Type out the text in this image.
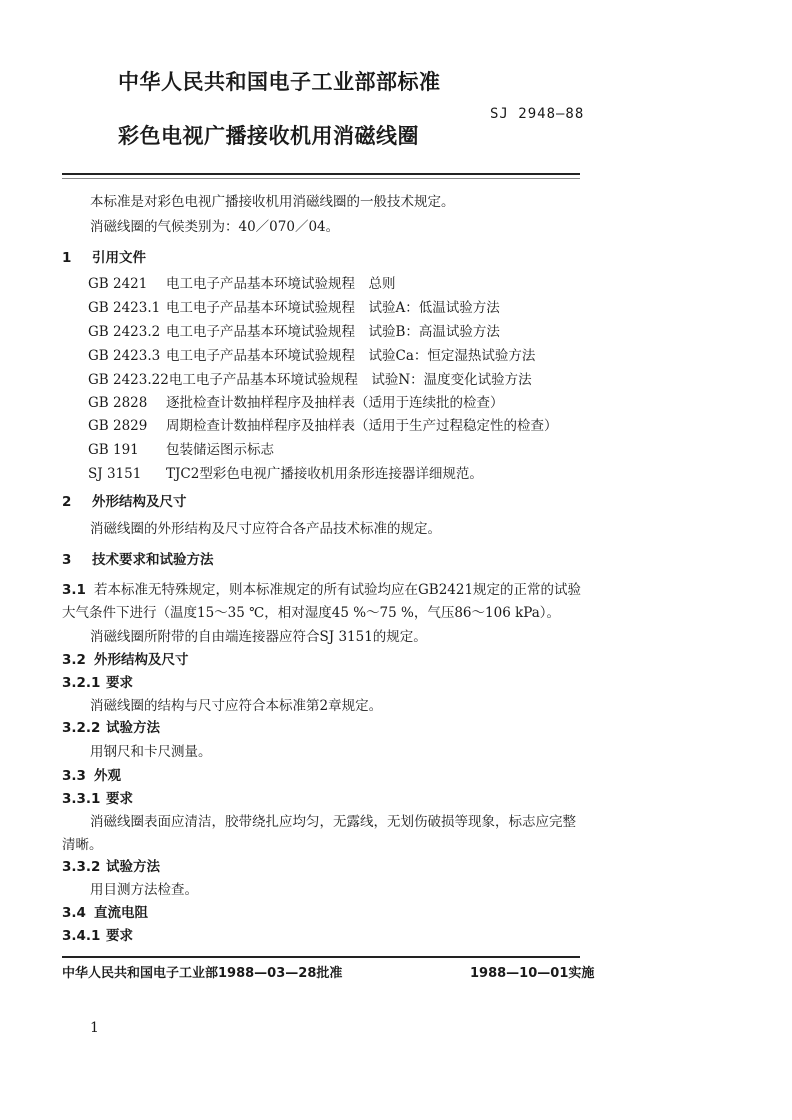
中华人民共和国电子工业部部标准
SJ 2948—88
彩色电视广播接收机用消磁线圈
本标准是对彩色电视广播接收机用消磁线圈的一般技术规定。
消磁线圈的气候类别为：40／070／04。
1 引用文件
GB 2421 电工电子产品基本环境试验规程　总则
GB 2423.1 电工电子产品基本环境试验规程　试验A：低温试验方法
GB 2423.2 电工电子产品基本环境试验规程　试验B：高温试验方法
GB 2423.3 电工电子产品基本环境试验规程　试验Ca：恒定湿热试验方法
GB 2423.22电工电子产品基本环境试验规程　试验N：温度变化试验方法
GB 2828 逐批检查计数抽样程序及抽样表（适用于连续批的检查）
GB 2829 周期检查计数抽样程序及抽样表（适用于生产过程稳定性的检查）
GB 191 包装储运图示标志
SJ 3151 TJC2型彩色电视广播接收机用条形连接器详细规范。
2 外形结构及尺寸
消磁线圈的外形结构及尺寸应符合各产品技术标准的规定。
3 技术要求和试验方法
3.1 若本标准无特殊规定，则本标准规定的所有试验均应在GB2421规定的正常的试验
大气条件下进行（温度15～35 ℃，相对湿度45 %～75 %，气压86～106 kPa）。
消磁线圈所附带的自由端连接器应符合SJ 3151的规定。
3.2 外形结构及尺寸
3.2.1 要求
消磁线圈的结构与尺寸应符合本标准第2章规定。
3.2.2 试验方法
用钢尺和卡尺测量。
3.3 外观
3.3.1 要求
消磁线圈表面应清洁，胶带绕扎应均匀，无露线，无划伤破损等现象，标志应完整
清晰。
3.3.2 试验方法
用目测方法检查。
3.4 直流电阻
3.4.1 要求
中华人民共和国电子工业部1988—03—28批准	1988—10—01实施
1
